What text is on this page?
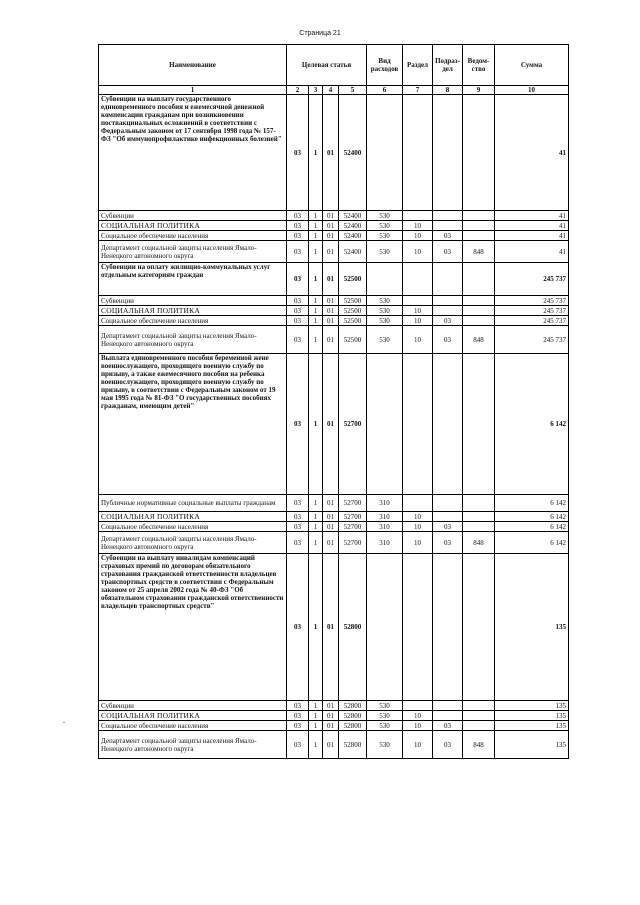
Страница 21
Наименование	Целевая статья				Вид расходов	Раздел	Подраз-дел	Ведом-ство	Сумма
1	2	3	4	5	6	7	8	9	10
Субвенции на выплату государственного единовременного пособия и ежемесячной денежной компенсации гражданам при возникновении поствакцинальных осложнений в соответствии с Федеральным законом от 17 сентября 1998 года № 157-ФЗ "Об иммунопрофилактике инфекционных болезней"	03	1	01	52400					41
Субвенции	03	1	01	52400	530				41
СОЦИАЛЬНАЯ ПОЛИТИКА	03	1	01	52400	530	10			41
Социальное обеспечение населения	03	1	01	52400	530	10	03		41
Департамент социальной защиты населения Ямало-Ненецкого автономного округа	03	1	01	52400	530	10	03	848	41
Субвенции на оплату жилищно-коммунальных услуг отдельным категориям граждан	03	1	01	52500					245 737
Субвенции	03	1	01	52500	530				245 737
СОЦИАЛЬНАЯ ПОЛИТИКА	03	1	01	52500	530	10			245 737
Социальное обеспечение населения	03	1	01	52500	530	10	03		245 737
Департамент социальной защиты населения Ямало-Ненецкого автономного округа	03	1	01	52500	530	10	03	848	245 737
Выплата единовременного пособия беременной жене военнослужащего, проходящего военную службу по призыву, а также ежемесячного пособия на ребенка военнослужащего, проходящего военную службу по призыву, в соответствии с Федеральным законом от 19 мая 1995 года № 81-ФЗ "О государственных пособиях гражданам, имеющим детей"	03	1	01	52700					6 142
Публичные нормативные социальные выплаты гражданам	03	1	01	52700	310				6 142
СОЦИАЛЬНАЯ ПОЛИТИКА	03	1	01	52700	310	10			6 142
Социальное обеспечение населения	03	1	01	52700	310	10	03		6 142
Департамент социальной защиты населения Ямало-Ненецкого автономного округа	03	1	01	52700	310	10	03	848	6 142
Субвенции на выплату инвалидам компенсаций страховых премий по договорам обязательного страхования гражданской ответственности владельцев транспортных средств в соответствии с Федеральным законом от 25 апреля 2002 года № 40-ФЗ "Об обязательном страховании гражданской ответственности владельцев транспортных средств"	03	1	01	52800					135
Субвенции	03	1	01	52800	530				135
СОЦИАЛЬНАЯ ПОЛИТИКА	03	1	01	52800	530	10			135
Социальное обеспечение населения	03	1	01	52800	530	10	03		135
Департамент социальной защиты населения Ямало-Ненецкого автономного округа	03	1	01	52800	530	10	03	848	135
